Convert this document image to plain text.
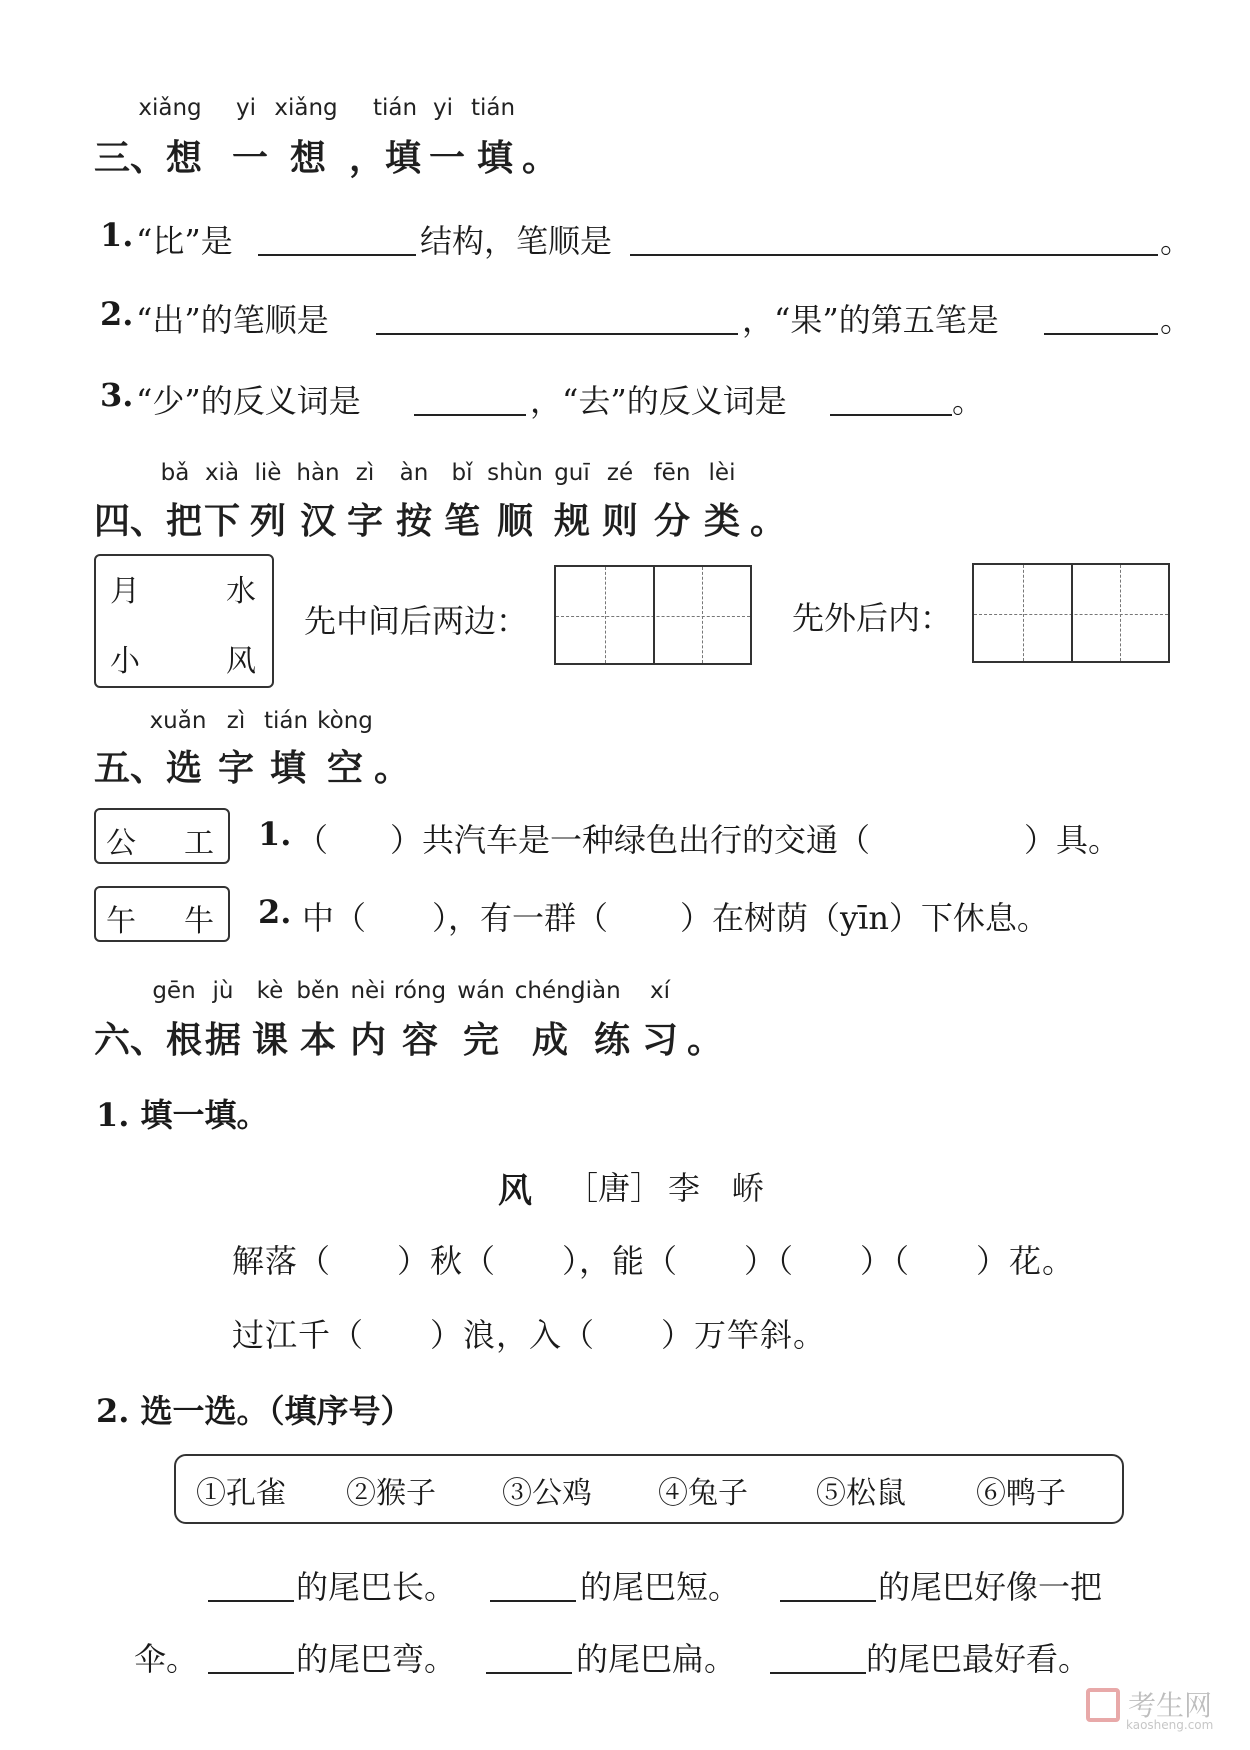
xiǎng yi xiǎng tián yi tián
三、想 一 想 ，填 一 填 。
1. “比”是	结构，笔顺是	。
2. “出”的笔顺是	，“果”的第五笔是	。
3. “少”的反义词是	，“去”的反义词是	。
bǎ xià liè hàn zì àn bǐ shùn guī zé fēn lèi
四、把 下 列 汉 字 按 笔 顺 规 则 分 类 。
月	水
小	风
先中间后两边：	先外后内：
xuǎn zì tián kòng
五、选 字 填 空 。
公 工 1. （ ）共汽车是一种绿色出行的交通（	）具。
午 牛 2. 中（ ），有一群（ ）在树荫（yīn）下休息。
gēn jù kè běn nèi róng wán chéng
liàn xí
六、根 据 课 本 内 容 完 成 练 习 。
1. 填一填。
风 ［唐］ 李　峤
解落（　　）秋（　　），能（　　）（　　）（　　）花。
过江千（　　）浪，入（　　）万竿斜。
2. 选一选。（填序号）
①孔雀 ②猴子 ③公鸡 ④兔子 ⑤松鼠 ⑥鸭子
的尾巴长。	的尾巴短。	的尾巴好像一把
伞。	的尾巴弯。	的尾巴扁。	的尾巴最好看。
考生网
kaosheng.com
